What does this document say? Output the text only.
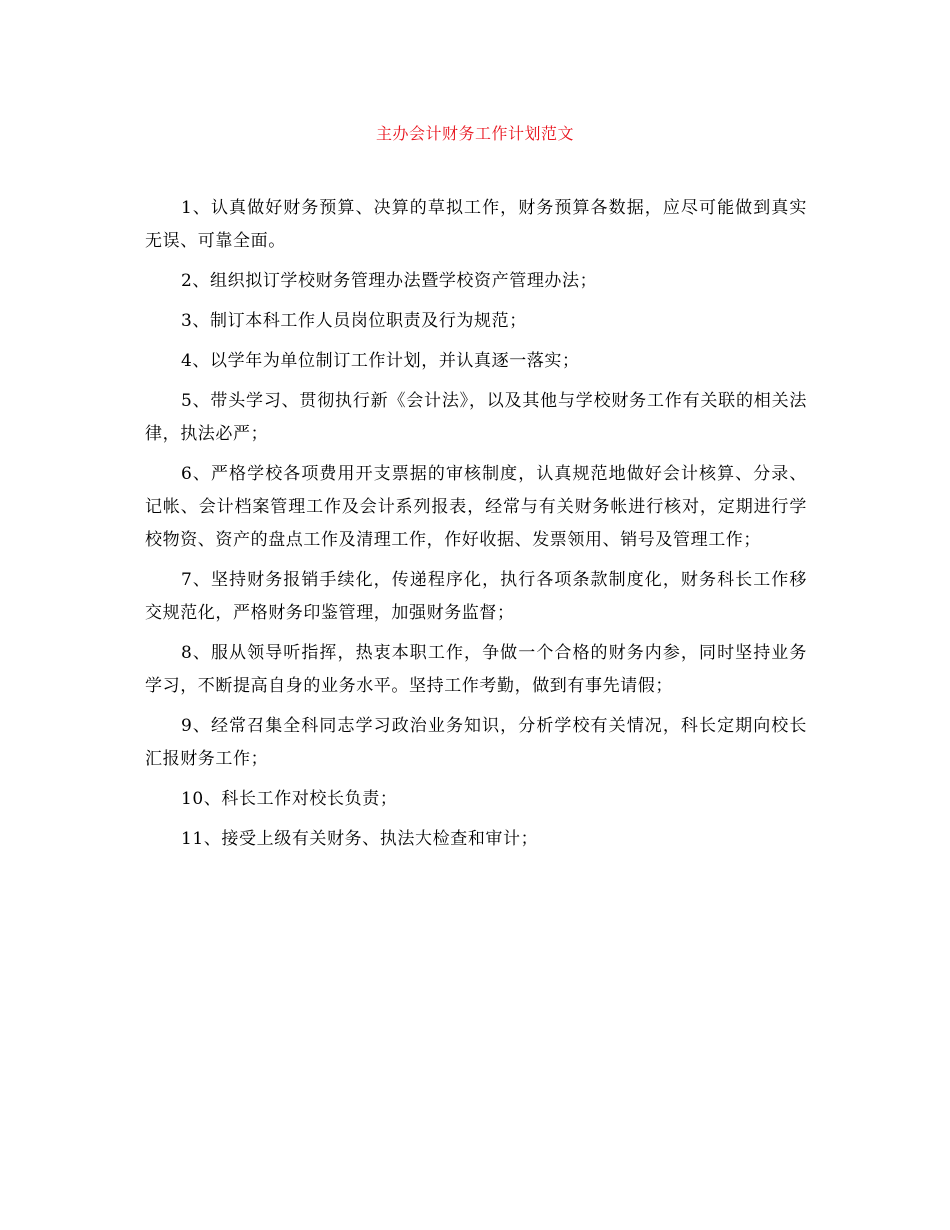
主办会计财务工作计划范文

1、认真做好财务预算、决算的草拟工作，财务预算各数据，应尽可能做到真实无误、可靠全面。

2、组织拟订学校财务管理办法暨学校资产管理办法；

3、制订本科工作人员岗位职责及行为规范；

4、以学年为单位制订工作计划，并认真逐一落实；

5、带头学习、贯彻执行新《会计法》，以及其他与学校财务工作有关联的相关法律，执法必严；

6、严格学校各项费用开支票据的审核制度，认真规范地做好会计核算、分录、记帐、会计档案管理工作及会计系列报表，经常与有关财务帐进行核对，定期进行学校物资、资产的盘点工作及清理工作，作好收据、发票领用、销号及管理工作；

7、坚持财务报销手续化，传递程序化，执行各项条款制度化，财务科长工作移交规范化，严格财务印鉴管理，加强财务监督；

8、服从领导听指挥，热衷本职工作，争做一个合格的财务内参，同时坚持业务学习，不断提高自身的业务水平。坚持工作考勤，做到有事先请假；

9、经常召集全科同志学习政治业务知识，分析学校有关情况，科长定期向校长汇报财务工作；

10、科长工作对校长负责；

11、接受上级有关财务、执法大检查和审计；
